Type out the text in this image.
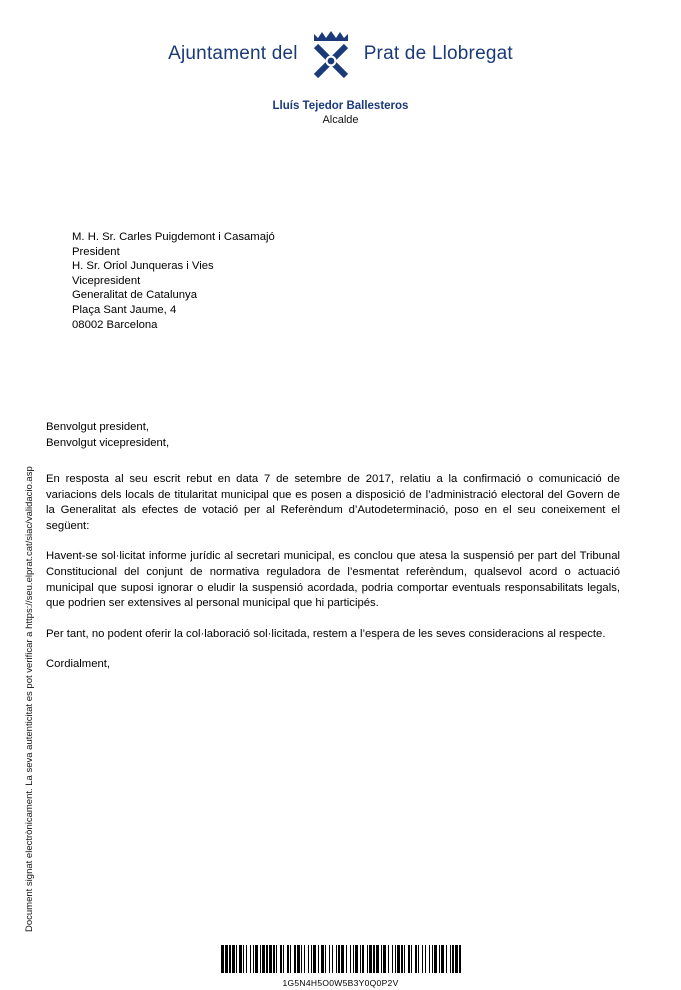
Ajuntament del	Prat de Llobregat
Lluís Tejedor Ballesteros
Alcalde
Document signat electrònicament. La seva autenticitat es pot verificar a https://seu.elprat.cat/siac/validacio.asp
M. H. Sr. Carles Puigdemont i Casamajó
President
H. Sr. Oriol Junqueras i Vies
Vicepresident
Generalitat de Catalunya
Plaça Sant Jaume, 4
08002 Barcelona
Benvolgut president,
Benvolgut vicepresident,

En resposta al seu escrit rebut en data 7 de setembre de 2017, relatiu a la confirmació o comunicació de variacions dels locals de titularitat municipal que es posen a disposició de l’administració electoral del Govern de la Generalitat als efectes de votació per al Referèndum d’Autodeterminació, poso en el seu coneixement el següent:

Havent-se sol·licitat informe jurídic al secretari municipal, es conclou que atesa la suspensió per part del Tribunal Constitucional del conjunt de normativa reguladora de l’esmentat referèndum, qualsevol acord o actuació municipal que suposi ignorar o eludir la suspensió acordada, podria comportar eventuals responsabilitats legals, que podrien ser extensives al personal municipal que hi participés.

Per tant, no podent oferir la col·laboració sol·licitada, restem a l’espera de les seves consideracions al respecte.

Cordialment,

1G5N4H5O0W5B3Y0Q0P2V
